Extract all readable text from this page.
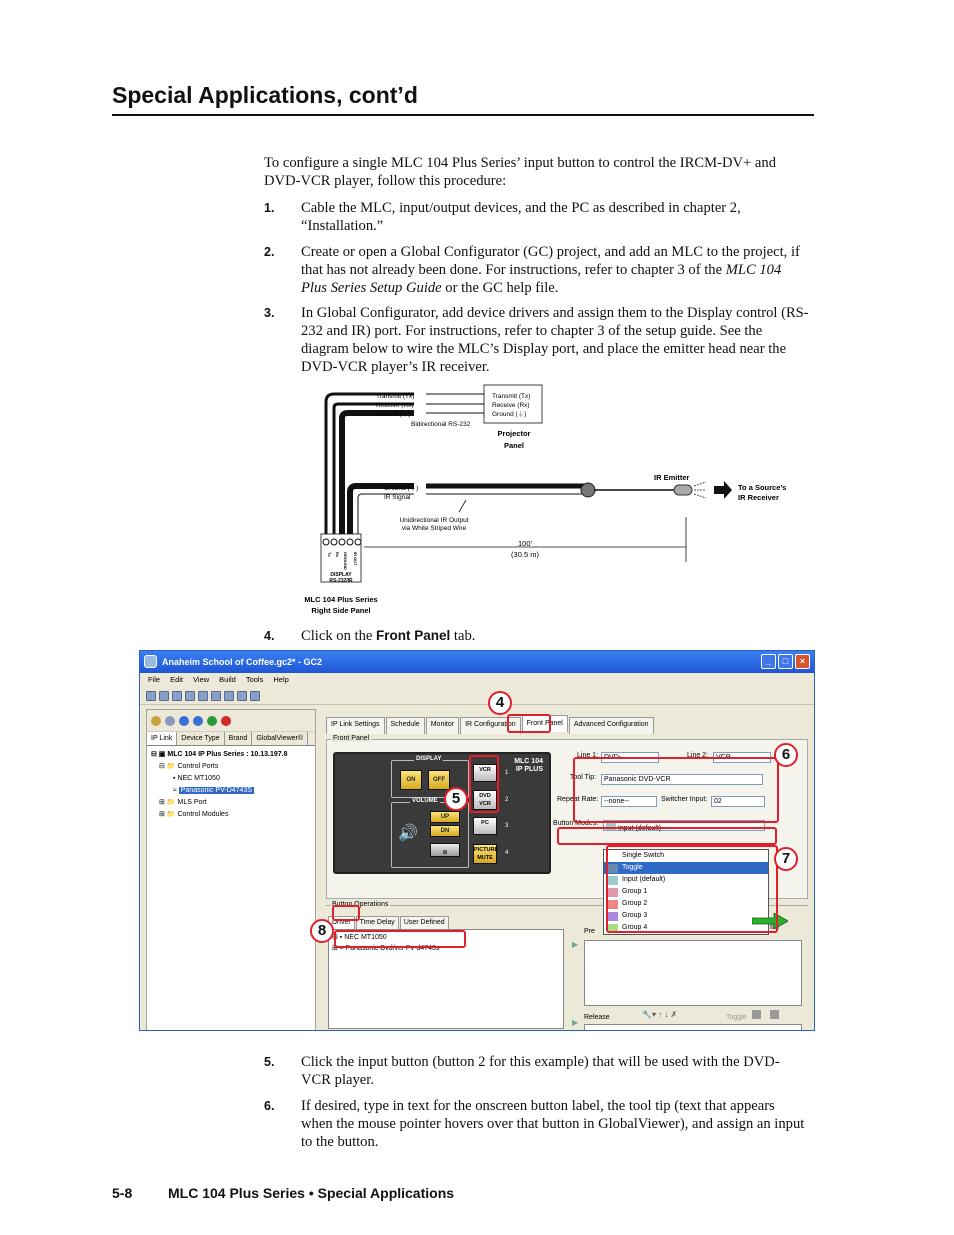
Special Applications, cont’d
To configure a single MLC 104 Plus Series’ input button to control the IRCM-DV+ and DVD-VCR player, follow this procedure:
1. Cable the MLC, input/output devices, and the PC as described in chapter 2, “Installation.”
2. Create or open a Global Configurator (GC) project, and add an MLC to the project, if that has not already been done. For instructions, refer to chapter 3 of the MLC 104 Plus Series Setup Guide or the GC help file.
3. In Global Configurator, add device drivers and assign them to the Display control (RS-232 and IR) port. For instructions, refer to chapter 3 of the setup guide. See the diagram below to wire the MLC’s Display port, and place the emitter head near the DVD-VCR player’s IR receiver.
Transmit (Tx)
Receive (Rx)
Ground (⏚)
Transmit (Tx)
Receive (Rx)
Ground (⏚)
Bidirectional RS-232
Ground (⏚)
IR Signal
Unidirectional IR Output
via White Striped Wire
100'
(30.5 m)
Projector
Panel
IR Emitter
To a Source’s
IR Receiver
MLC 104 Plus Series
Right Side Panel
Tx Rx GROUND IR OUT
DISPLAY
RS-232/IR
4. Click on the Front Panel tab.
Anaheim School of Coffee.gc2* - GC2	_	□	×
File Edit View Build Tools Help
IP Link	Device Type	Brand	GlobalViewer®
⊟ ▣ MLC 104 IP Plus Series : 10.13.197.8
⊟ 📁 Control Ports
▪ NEC MT1050
≈ Panasonic PV-D4743S
⊞ 📁 MLS Port
⊞ 📁 Control Modules
IP Link Settings	Schedule	Monitor	IR Configuration	Front Panel	Advanced Configuration
Front Panel
DISPLAY
ON	OFF
VOLUME
🔊
UP
DN
⊘
VCR
DVD VCR
PC
PICTURE MUTE
MLC 104
IP PLUS
1
2
3
4
Line 1: DVD-	Line 2:	VCR
Tool Tip:	Panasonic DVD-VCR
Repeat Rate: --none--	Switcher Input: 02
Button Modes:
Input (default)
Button Operations
Driver	Time Delay	User Defined
⊞ ▪ NEC MT1050
⊞ ≈ Panasonic Dvd/vcr Pv-d4743s	▶
▶
Pre
Release	🔧▾ ↑ ↓ ✗	Toggle
Single Switch
Toggle
Input (default)
Group 1
Group 2
Group 3
Group 4
4
5
6
7
8
5. Click the input button (button 2 for this example) that will be used with the DVD-VCR player.
6. If desired, type in text for the onscreen button label, the tool tip (text that appears when the mouse pointer hovers over that button in GlobalViewer), and assign an input to the button.
5-8	MLC 104 Plus Series • Special Applications
